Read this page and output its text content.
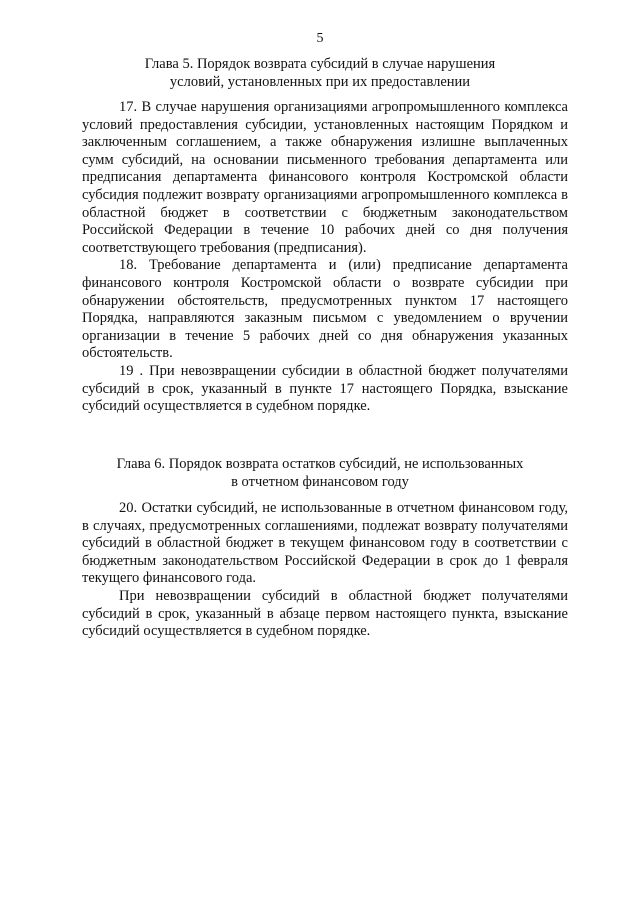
5
Глава 5. Порядок возврата субсидий в случае нарушения
условий, установленных при их предоставлении

17. В случае нарушения организациями агропромышленного комплекса условий предоставления субсидии, установленных настоящим Порядком и заключенным соглашением, а также обнаружения излишне выплаченных сумм субсидий, на основании письменного требования департамента или предписания департамента финансового контроля Костромской области субсидия подлежит возврату организациями агропромышленного комплекса в областной бюджет в соответствии с бюджетным законодательством Российской Федерации в течение 10 рабочих дней со дня получения соответствующего требования (предписания).

18. Требование департамента и (или) предписание департамента финансового контроля Костромской области о возврате субсидии при обнаружении обстоятельств, предусмотренных пунктом 17 настоящего Порядка, направляются заказным письмом с уведомлением о вручении организации в течение 5 рабочих дней со дня обнаружения указанных обстоятельств.

19 . При невозвращении субсидии в областной бюджет получателями субсидий в срок, указанный в пункте 17 настоящего Порядка, взыскание субсидий осуществляется в судебном порядке.

Глава 6. Порядок возврата остатков субсидий, не использованных
в отчетном финансовом году

20. Остатки субсидий, не использованные в отчетном финансовом году, в случаях, предусмотренных соглашениями, подлежат возврату получателями субсидий в областной бюджет в текущем финансовом году в соответствии с бюджетным законодательством Российской Федерации в срок до 1 февраля текущего финансового года.

При невозвращении субсидий в областной бюджет получателями субсидий в срок, указанный в абзаце первом настоящего пункта, взыскание субсидий осуществляется в судебном порядке.
